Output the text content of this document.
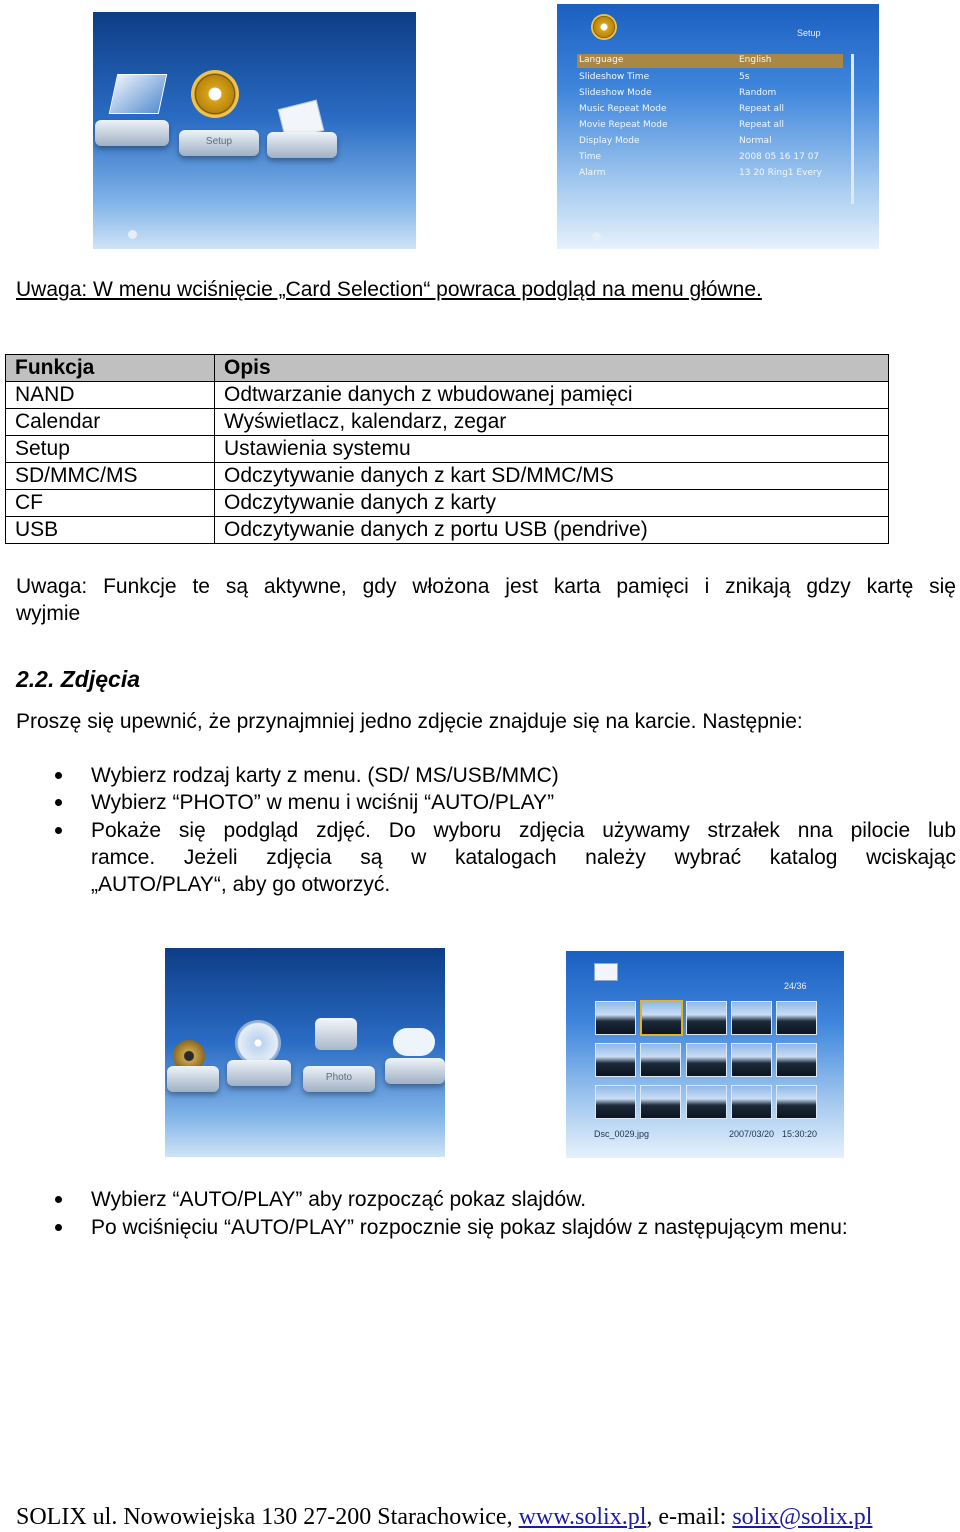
Setup
Setup
Language	English
Slideshow Time	5s
Slideshow Mode	Random
Music Repeat Mode	Repeat all
Movie Repeat Mode	Repeat all
Display Mode	Normal
Time	2008 05 16 17 07
Alarm	13 20 Ring1 Every
Uwaga: W menu wciśnięcie „Card Selection“ powraca podgląd na menu główne.
Funkcja	Opis
NAND	Odtwarzanie danych z wbudowanej pamięci
Calendar	Wyświetlacz, kalendarz, zegar
Setup	Ustawienia systemu
SD/MMC/MS	Odczytywanie danych z kart SD/MMC/MS
CF	Odczytywanie danych z karty
USB	Odczytywanie danych z portu USB (pendrive)
Uwaga: Funkcje te są aktywne, gdy włożona jest karta pamięci i znikają gdzy kartę się
wyjmie
2.2. Zdjęcia
Proszę się upewnić, że przynajmniej jedno zdjęcie znajduje się na karcie. Następnie:
Wybierz rodzaj karty z menu. (SD/ MS/USB/MMC)
Wybierz “PHOTO” w menu i wciśnij “AUTO/PLAY”
Pokaże się podgląd zdjęć. Do wyboru zdjęcia używamy strzałek nna pilocie lub
ramce. Jeżeli zdjęcia są w katalogach należy wybrać katalog wciskając
„AUTO/PLAY“, aby go otworzyć.
Photo
24/36
Dsc_0029.jpg	2007/03/20 15:30:20
Wybierz “AUTO/PLAY” aby rozpocząć pokaz slajdów.
Po wciśnięciu “AUTO/PLAY” rozpocznie się pokaz slajdów z następującym menu:
SOLIX ul. Nowowiejska 130 27-200 Starachowice, www.solix.pl, e-mail: solix@solix.pl
